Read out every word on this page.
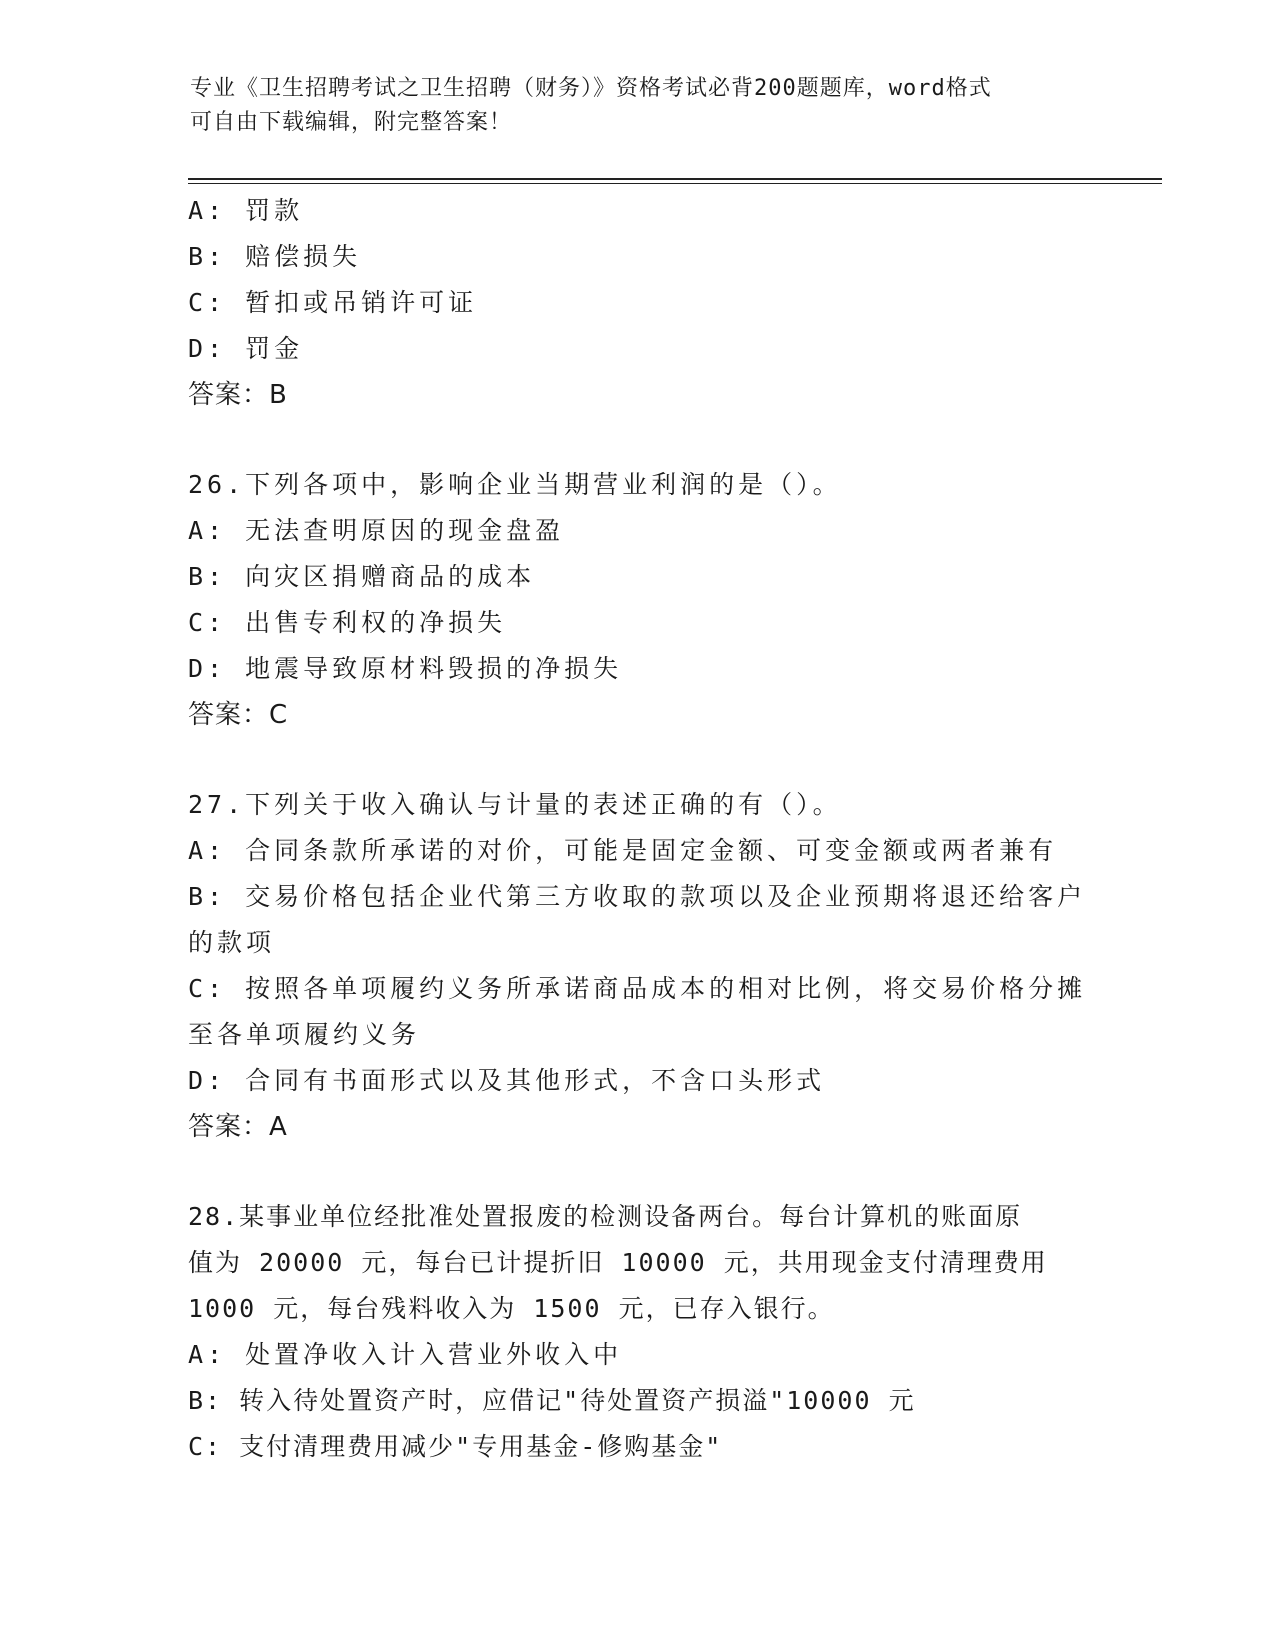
专业《卫生招聘考试之卫生招聘（财务）》资格考试必背200题题库，word格式
可自由下载编辑，附完整答案！
A: 罚款
B: 赔偿损失
C: 暂扣或吊销许可证
D: 罚金
答案：B
26.下列各项中，影响企业当期营业利润的是（）。
A: 无法查明原因的现金盘盈
B: 向灾区捐赠商品的成本
C: 出售专利权的净损失
D: 地震导致原材料毁损的净损失
答案：C
27.下列关于收入确认与计量的表述正确的有（）。
A: 合同条款所承诺的对价，可能是固定金额、可变金额或两者兼有
B: 交易价格包括企业代第三方收取的款项以及企业预期将退还给客户
的款项
C: 按照各单项履约义务所承诺商品成本的相对比例，将交易价格分摊
至各单项履约义务
D: 合同有书面形式以及其他形式，不含口头形式
答案：A
28.某事业单位经批准处置报废的检测设备两台。每台计算机的账面原
值为 20000 元，每台已计提折旧 10000 元，共用现金支付清理费用
1000 元，每台残料收入为 1500 元，已存入银行。
A: 处置净收入计入营业外收入中
B: 转入待处置资产时，应借记"待处置资产损溢"10000 元
C: 支付清理费用减少"专用基金-修购基金"
